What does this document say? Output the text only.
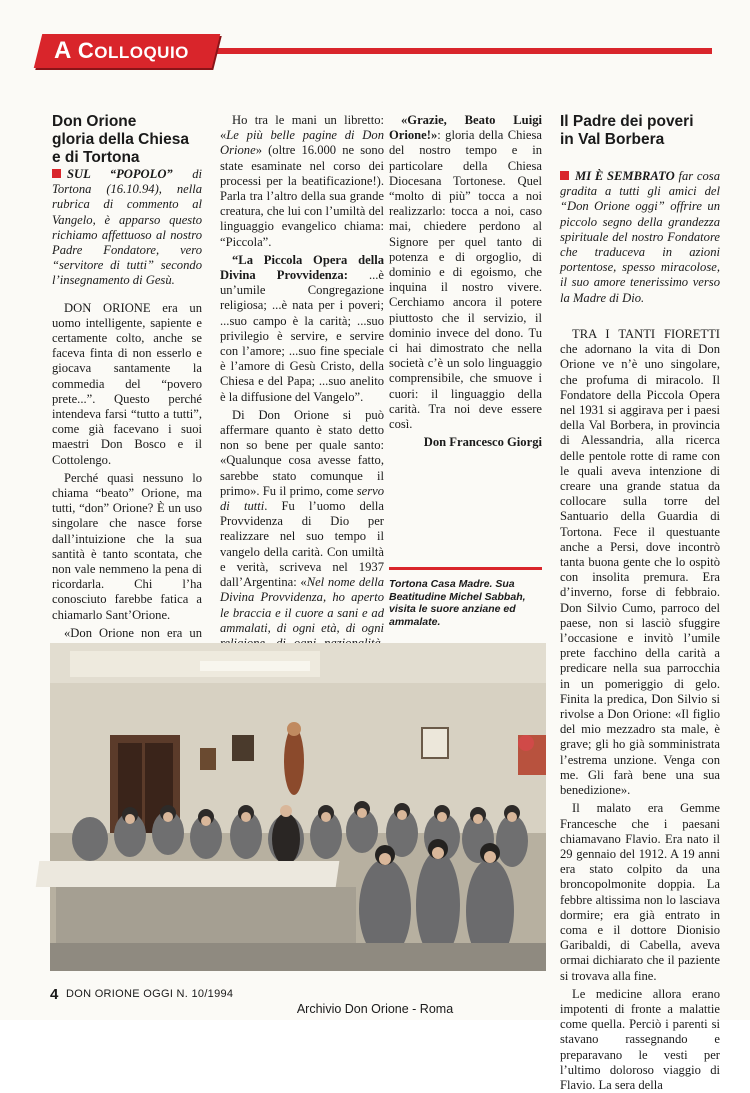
A COLLOQUIO
Don Orione
gloria della Chiesa
e di Tortona

SUL “POPOLO” di Tortona (16.10.94), nella rubrica di commento al Vangelo, è apparso questo richiamo affettuoso al nostro Padre Fondatore, vero “servitore di tutti” secondo l’insegnamento di Gesù.

DON ORIONE era un uomo intelligente, sapiente e certamente colto, anche se faceva finta di non esserlo e giocava santamente la commedia del “povero prete...”. Questo perché intendeva farsi “tutto a tutti”, come già facevano i suoi maestri Don Bosco e il Cottolengo.

Perché quasi nessuno lo chiama “beato” Orione, ma tutti, “don” Orione? È un uso singolare che nasce forse dall’intuizione che la sua santità è tanto scontata, che non vale nemmeno la pena di ricordarla. Chi l’ha conosciuto farebbe fatica a chiamarlo Sant’Orione.

«Don Orione non era un

Ho tra le mani un libretto: «Le più belle pagine di Don Orione» (oltre 16.000 ne sono state esaminate nel corso dei processi per la beatificazione!). Parla tra l’altro della sua grande creatura, che lui con l’umiltà del linguaggio evangelico chiama: “Piccola”.

“La Piccola Opera della Divina Provvidenza: ...è un’umile Congregazione religiosa; ...è nata per i poveri; ...suo campo è la carità; ...suo privilegio è servire, e servire con l’amore; ...suo fine speciale è l’amore di Gesù Cristo, della Chiesa e del Papa; ...suo anelito è la diffusione del Vangelo”.

Di Don Orione si può affermare quanto è stato detto non so bene per quale santo: «Qualunque cosa avesse fatto, sarebbe stato comunque il primo». Fu il primo, come servo di tutti. Fu l’uomo della Provvidenza di Dio per realizzare nel suo tempo il vangelo della carità. Con umiltà e verità, scriveva nel 1937 dall’Argentina: «Nel nome della Divina Provvidenza, ho aperto le braccia e il cuore a sani e ad ammalati, di ogni età, di ogni

«Grazie, Beato Luigi Orione!»: gloria della Chiesa del nostro tempo e in particolare della Chiesa Diocesana Tortonese. Quel “molto di più” tocca a noi realizzarlo: tocca a noi, caso mai, chiedere perdono al Signore per quel tanto di potenza e di orgoglio, di dominio e di egoismo, che inquina il nostro vivere. Cerchiamo ancora il potere piuttosto che il servizio, il dominio invece del dono. Tu ci hai dimostrato che nella società c’è un solo linguaggio comprensibile, che smuove i cuori: il linguaggio della carità. Tra noi deve essere così.

Don Francesco Giorgi

Tortona Casa Madre. Sua Beatitudine Michel Sabbah, visita le suore anziane ed ammalate.
Il Padre dei poveri
in Val Borbera

MI È SEMBRATO far cosa gradita a tutti gli amici del “Don Orione oggi” offrire un piccolo segno della grandezza spirituale del nostro Fondatore che traduceva in azioni portentose, spesso miracolose, il suo amore tenerissimo verso la Madre di Dio.

TRA I TANTI FIORETTI che adornano la vita di Don Orione ve n’è uno singolare, che profuma di miracolo. Il Fondatore della Piccola Opera nel 1931 si aggirava per i paesi della Val Borbera, in provincia di Alessandria, alla ricerca delle pentole rotte di rame con le quali aveva intenzione di creare una grande statua da collocare sulla torre del Santuario della Guardia di Tortona. Fece il questuante anche a Persi, dove incontrò tanta buona gente che lo ospitò con insolita premura. Era d’inverno, forse di febbraio. Don Silvio Cumo, parroco del paese, non si lasciò sfuggire l’occasione e invitò l’umile prete facchino della carità a predicare nella sua parrocchia in un pomeriggio di gelo. Finita la predica, Don Silvio si rivolse a Don Orione: «Il figlio del mio mezzadro sta male, è grave; gli ho già somministrata l’estrema unzione. Venga con me. Gli farà bene una sua benedizione».

Il malato era Gemme Francesche che i paesani chiamavano Flavio. Era nato il 29 gennaio del 1912. A 19 anni era stato colpito da una broncopolmonite doppia. La febbre altissima non lo lasciava dormire; era già entrato in coma e il dottore Dionisio Garibaldi, di Cabella, aveva ormai dichiarato che il paziente si trovava alla fine.

Le medicine allora erano impotenti di fronte a malattie come quella. Perciò i parenti si stavano rassegnando e preparavano le vesti per l’ultimo doloroso viaggio di Flavio. La sera della

4 DON ORIONE OGGI N. 10/1994
Archivio Don Orione - Roma
